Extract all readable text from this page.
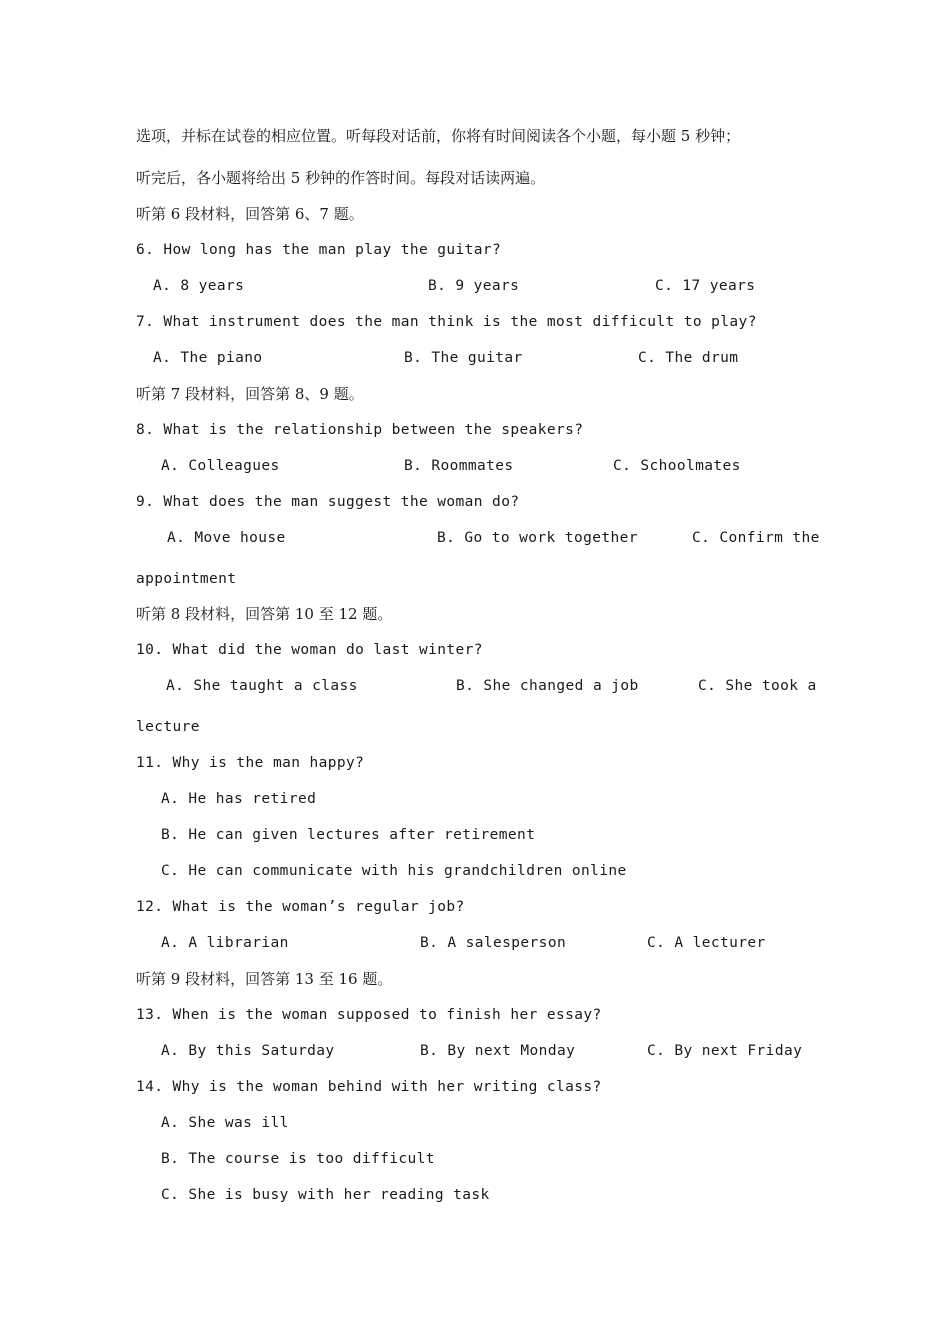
选项，并标在试卷的相应位置。听每段对话前，你将有时间阅读各个小题，每小题 5 秒钟；
听完后，各小题将给出 5 秒钟的作答时间。每段对话读两遍。
听第 6 段材料，回答第 6、7 题。
6. How long has the man play the guitar?
A. 8 years	B. 9 years	C. 17 years
7. What instrument does the man think is the most difficult to play?
A. The piano	B. The guitar	C. The drum
听第 7 段材料，回答第 8、9 题。
8. What is the relationship between the speakers?
A. Colleagues	B. Roommates	C. Schoolmates
9. What does the man suggest the woman do?
A. Move house	B. Go to work together	C. Confirm the
appointment
听第 8 段材料，回答第 10 至 12 题。
10. What did the woman do last winter?
A. She taught a class	B. She changed a job	C. She took a
lecture
11. Why is the man happy?
A. He has retired
B. He can given lectures after retirement
C. He can communicate with his grandchildren online
12. What is the woman’s regular job?
A. A librarian	B. A salesperson	C. A lecturer
听第 9 段材料，回答第 13 至 16 题。
13. When is the woman supposed to finish her essay?
A. By this Saturday	B. By next Monday	C. By next Friday
14. Why is the woman behind with her writing class?
A. She was ill
B. The course is too difficult
C. She is busy with her reading task
